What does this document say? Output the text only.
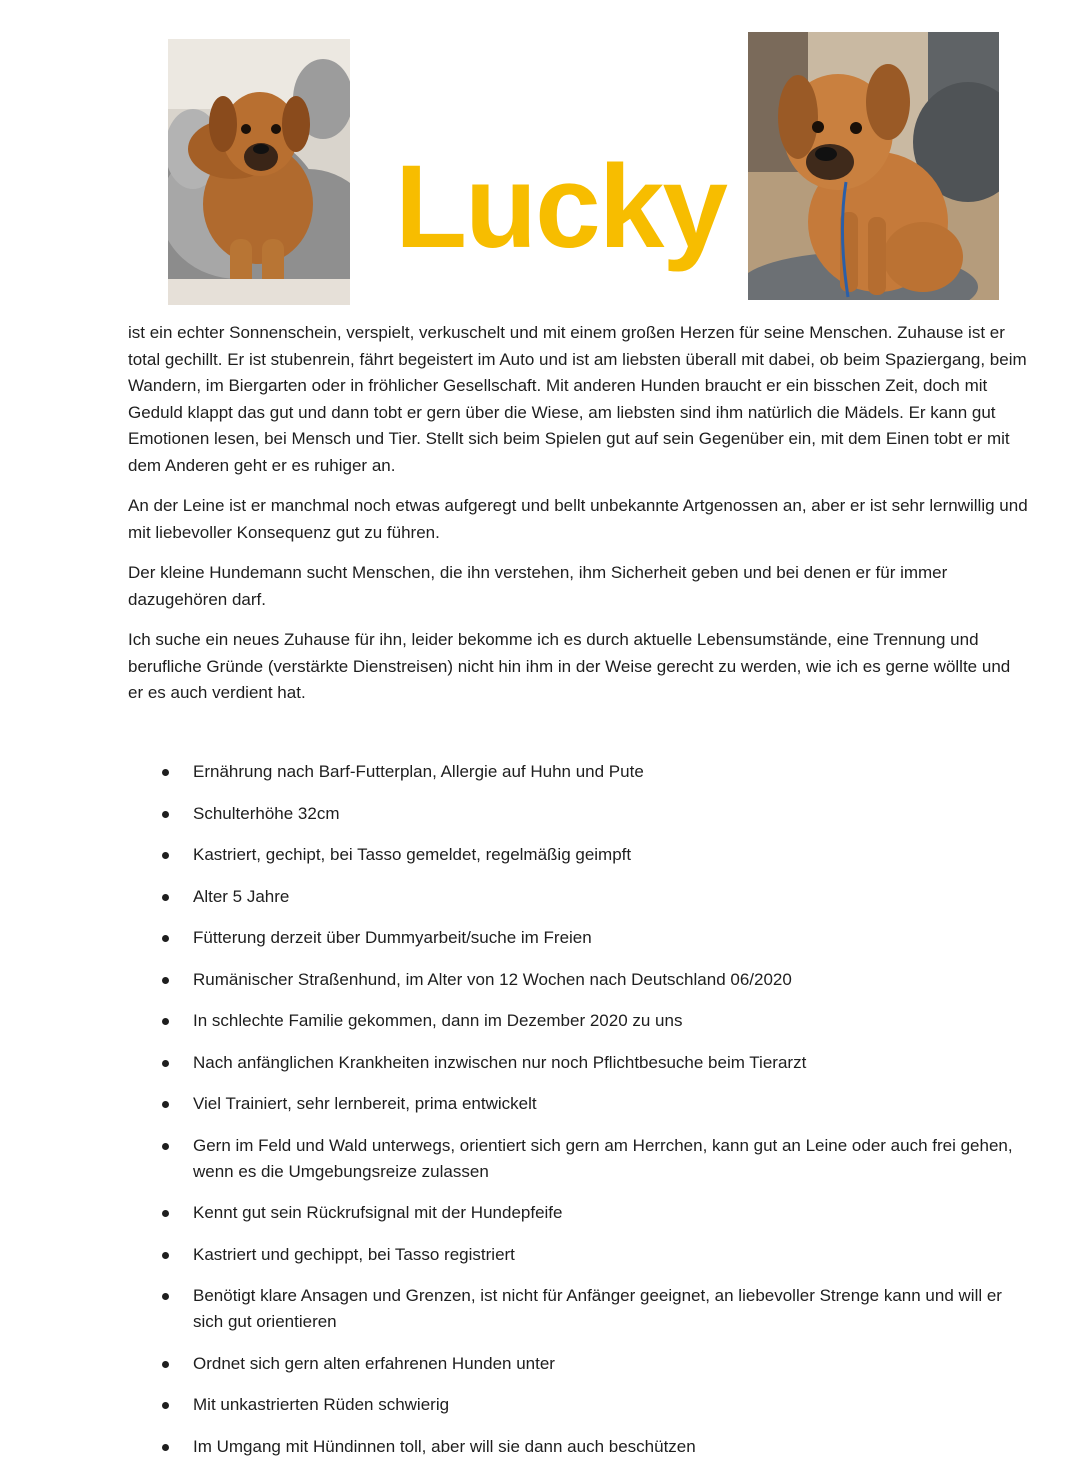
Lucky

ist ein echter Sonnenschein, verspielt, verkuschelt und mit einem großen Herzen für seine Menschen. Zuhause ist er total gechillt. Er ist stubenrein, fährt begeistert im Auto und ist am liebsten überall mit dabei, ob beim Spaziergang, beim Wandern, im Biergarten oder in fröhlicher Gesellschaft. Mit anderen Hunden braucht er ein bisschen Zeit, doch mit Geduld klappt das gut und dann tobt er gern über die Wiese, am liebsten sind ihm natürlich die Mädels. Er kann gut Emotionen lesen, bei Mensch und Tier. Stellt sich beim Spielen gut auf sein Gegenüber ein, mit dem Einen tobt er mit dem Anderen geht er es ruhiger an.

An der Leine ist er manchmal noch etwas aufgeregt und bellt unbekannte Artgenossen an, aber er ist sehr lernwillig und mit liebevoller Konsequenz gut zu führen.

Der kleine Hundemann sucht Menschen, die ihn verstehen, ihm Sicherheit geben und bei denen er für immer dazugehören darf.

Ich suche ein neues Zuhause für ihn, leider bekomme ich es durch aktuelle Lebensumstände, eine Trennung und berufliche Gründe (verstärkte Dienstreisen) nicht hin ihm in der Weise gerecht zu werden, wie ich es gerne wöllte und er es auch verdient hat.

Ernährung nach Barf-Futterplan, Allergie auf Huhn und Pute
Schulterhöhe 32cm
Kastriert, gechipt, bei Tasso gemeldet, regelmäßig geimpft
Alter 5 Jahre
Fütterung derzeit über Dummyarbeit/suche im Freien
Rumänischer Straßenhund, im Alter von 12 Wochen nach Deutschland 06/2020
In schlechte Familie gekommen, dann im Dezember 2020 zu uns
Nach anfänglichen Krankheiten inzwischen nur noch Pflichtbesuche beim Tierarzt
Viel Trainiert, sehr lernbereit, prima entwickelt
Gern im Feld und Wald unterwegs, orientiert sich gern am Herrchen, kann gut an Leine oder auch frei gehen, wenn es die Umgebungsreize zulassen
Kennt gut sein Rückrufsignal mit der Hundepfeife
Kastriert und gechippt, bei Tasso registriert
Benötigt klare Ansagen und Grenzen, ist nicht für Anfänger geeignet, an liebevoller Strenge kann und will er sich gut orientieren
Ordnet sich gern alten erfahrenen Hunden unter
Mit unkastrierten Rüden schwierig
Im Umgang mit Hündinnen toll, aber will sie dann auch beschützen
